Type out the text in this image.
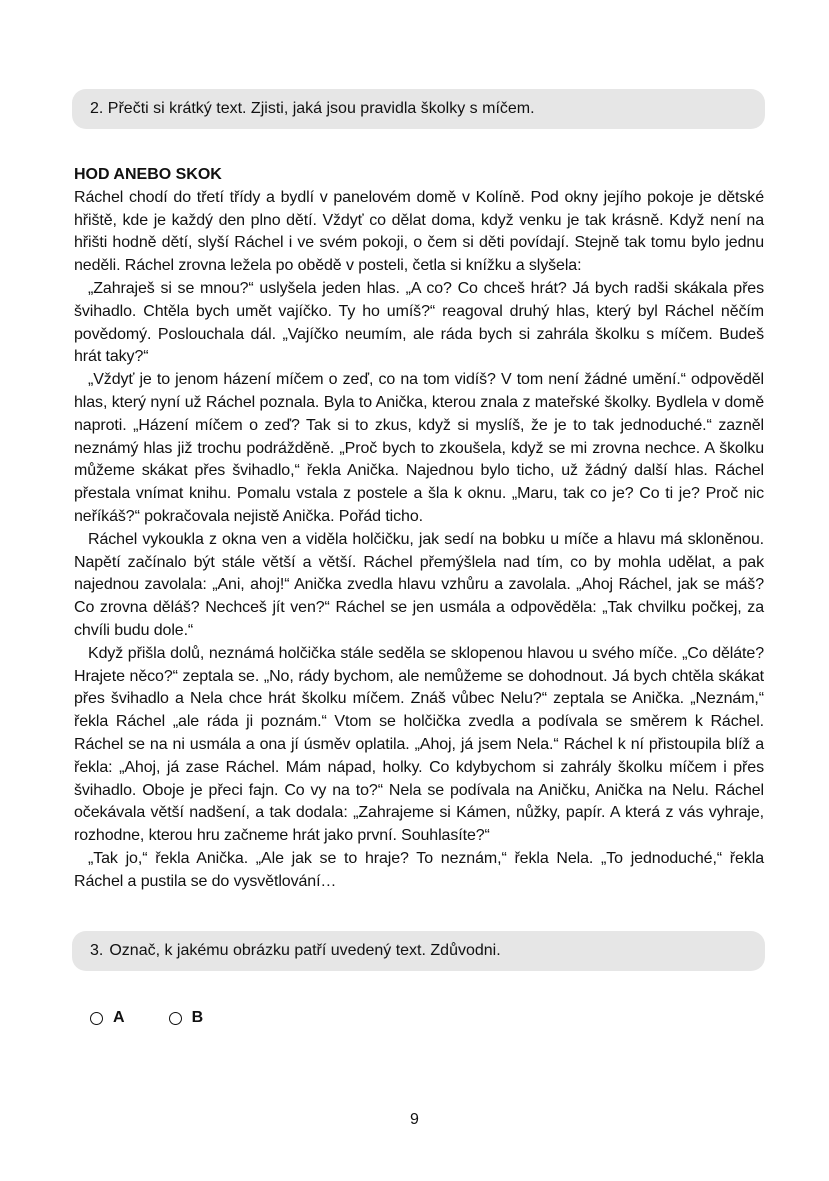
2. Přečti si krátký text. Zjisti, jaká jsou pravidla školky s míčem.
HOD ANEBO SKOK

Ráchel chodí do třetí třídy a bydlí v panelovém domě v Kolíně. Pod okny jejího pokoje je dětské hřiště, kde je každý den plno dětí. Vždyť co dělat doma, když venku je tak krásně. Když není na hřišti hodně dětí, slyší Ráchel i ve svém pokoji, o čem si děti povídají. Stejně tak tomu bylo jednu neděli. Ráchel zrovna ležela po obědě v posteli, četla si knížku a slyšela:

„Zahraješ si se mnou?“ uslyšela jeden hlas. „A co? Co chceš hrát? Já bych radši skákala přes švihadlo. Chtěla bych umět vajíčko. Ty ho umíš?“ reagoval druhý hlas, který byl Ráchel něčím povědomý. Poslouchala dál. „Vajíčko neumím, ale ráda bych si zahrála školku s míčem. Budeš hrát taky?“

„Vždyť je to jenom házení míčem o zeď, co na tom vidíš? V tom není žádné umění.“ odpověděl hlas, který nyní už Ráchel poznala. Byla to Anička, kterou znala z mateřské školky. Bydlela v domě naproti. „Házení míčem o zeď? Tak si to zkus, když si myslíš, že je to tak jednoduché.“ zazněl neznámý hlas již trochu podrážděně. „Proč bych to zkoušela, když se mi zrovna nechce. A školku můžeme skákat přes švihadlo,“ řekla Anička. Najednou bylo ticho, už žádný další hlas. Ráchel přestala vnímat knihu. Pomalu vstala z postele a šla k oknu. „Maru, tak co je? Co ti je? Proč nic neříkáš?“ pokračovala nejistě Anička. Pořád ticho.

Ráchel vykoukla z okna ven a viděla holčičku, jak sedí na bobku u míče a hlavu má skloněnou. Napětí začínalo být stále větší a větší. Ráchel přemýšlela nad tím, co by mohla udělat, a pak najednou zavolala: „Ani, ahoj!“ Anička zvedla hlavu vzhůru a zavolala. „Ahoj Ráchel, jak se máš? Co zrovna děláš? Nechceš jít ven?“ Ráchel se jen usmála a odpověděla: „Tak chvilku počkej, za chvíli budu dole.“

Když přišla dolů, neznámá holčička stále seděla se sklopenou hlavou u svého míče. „Co děláte? Hrajete něco?“ zeptala se. „No, rády bychom, ale nemůžeme se dohodnout. Já bych chtěla skákat přes švihadlo a Nela chce hrát školku míčem. Znáš vůbec Nelu?“ zeptala se Anička. „Neznám,“ řekla Ráchel „ale ráda ji poznám.“ Vtom se holčička zvedla a podívala se směrem k Ráchel. Ráchel se na ni usmála a ona jí úsměv oplatila. „Ahoj, já jsem Nela.“ Ráchel k ní přistoupila blíž a řekla: „Ahoj, já zase Ráchel. Mám nápad, holky. Co kdybychom si zahrály školku míčem i přes švihadlo. Oboje je přeci fajn. Co vy na to?“ Nela se podívala na Aničku, Anička na Nelu. Ráchel očekávala větší nadšení, a tak dodala: „Zahrajeme si Kámen, nůžky, papír. A která z vás vyhraje, rozhodne, kterou hru začneme hrát jako první. Souhlasíte?“

„Tak jo,“ řekla Anička. „Ale jak se to hraje? To neznám,“ řekla Nela. „To jednoduché,“ řekla Ráchel a pustila se do vysvětlování…

3. Označ, k jakému obrázku patří uvedený text. Zdůvodni.
A	B
9
